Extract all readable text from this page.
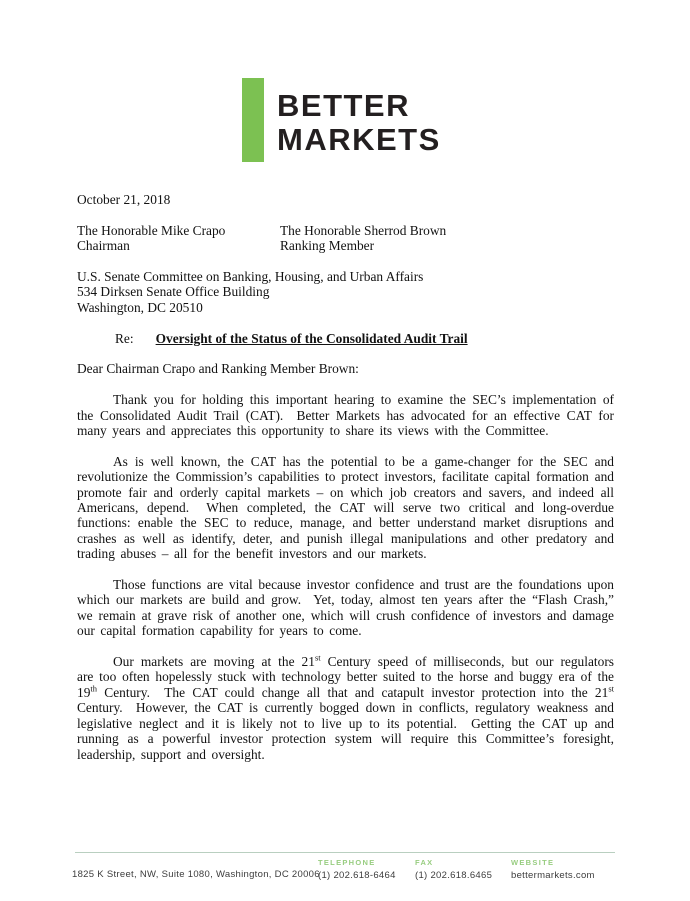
BETTER
MARKETS
October 21, 2018
The Honorable Mike Crapo
Chairman
The Honorable Sherrod Brown
Ranking Member
U.S. Senate Committee on Banking, Housing, and Urban Affairs
534 Dirksen Senate Office Building
Washington, DC 20510
Re: Oversight of the Status of the Consolidated Audit Trail
Dear Chairman Crapo and Ranking Member Brown:

Thank you for holding this important hearing to examine the SEC’s implementation of the Consolidated Audit Trail (CAT).  Better Markets has advocated for an effective CAT for many years and appreciates this opportunity to share its views with the Committee.

As is well known, the CAT has the potential to be a game-changer for the SEC and revolutionize the Commission’s capabilities to protect investors, facilitate capital formation and promote fair and orderly capital markets – on which job creators and savers, and indeed all Americans, depend.  When completed, the CAT will serve two critical and long-overdue functions: enable the SEC to reduce, manage, and better understand market disruptions and crashes as well as identify, deter, and punish illegal manipulations and other predatory and trading abuses – all for the benefit investors and our markets.

Those functions are vital because investor confidence and trust are the foundations upon which our markets are build and grow.  Yet, today, almost ten years after the “Flash Crash,” we remain at grave risk of another one, which will crush confidence of investors and damage our capital formation capability for years to come.

Our markets are moving at the 21st Century speed of milliseconds, but our regulators are too often hopelessly stuck with technology better suited to the horse and buggy era of the 19th Century.  The CAT could change all that and catapult investor protection into the 21st Century.  However, the CAT is currently bogged down in conflicts, regulatory weakness and legislative neglect and it is likely not to live up to its potential.  Getting the CAT up and running as a powerful investor protection system will require this Committee’s foresight, leadership, support and oversight.

1825 K Street, NW, Suite 1080, Washington, DC 20006
TELEPHONE
(1) 202.618-6464
FAX
(1) 202.618.6465
WEBSITE
bettermarkets.com
